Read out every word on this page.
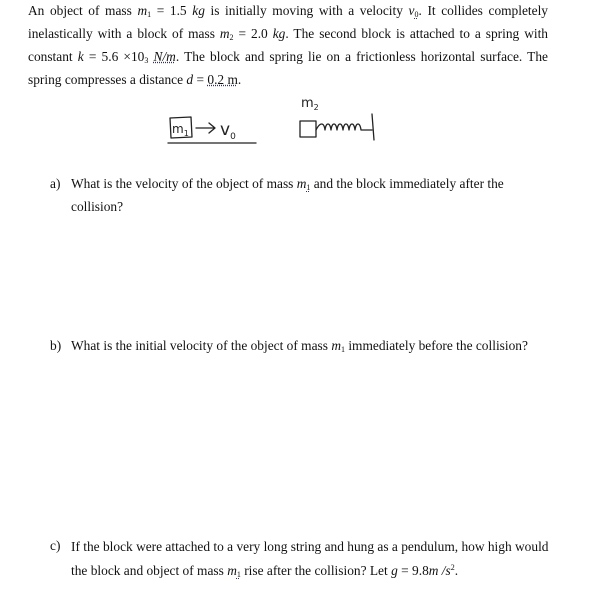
An object of mass $m_1 = 1.5$ kg is initially moving with a velocity $v_0$. It collides completely inelastically with a block of mass $m_2 = 2.0$ kg. The second block is attached to a spring with constant $k = 5.6 \times 10_3$ N/m. The block and spring lie on a frictionless horizontal surface. The spring compresses a distance d = 0.2 m.
$m_1$ $v_0$
$m_2$
a) What is the velocity of the object of mass $m_1$ and the block immediately after the collision?
b) What is the initial velocity of the object of mass $m_1$ immediately before the collision?
c) If the block were attached to a very long string and hung as a pendulum, how high would the block and object of mass $m_1$ rise after the collision? Let g = 9.8m $/s^2$.
